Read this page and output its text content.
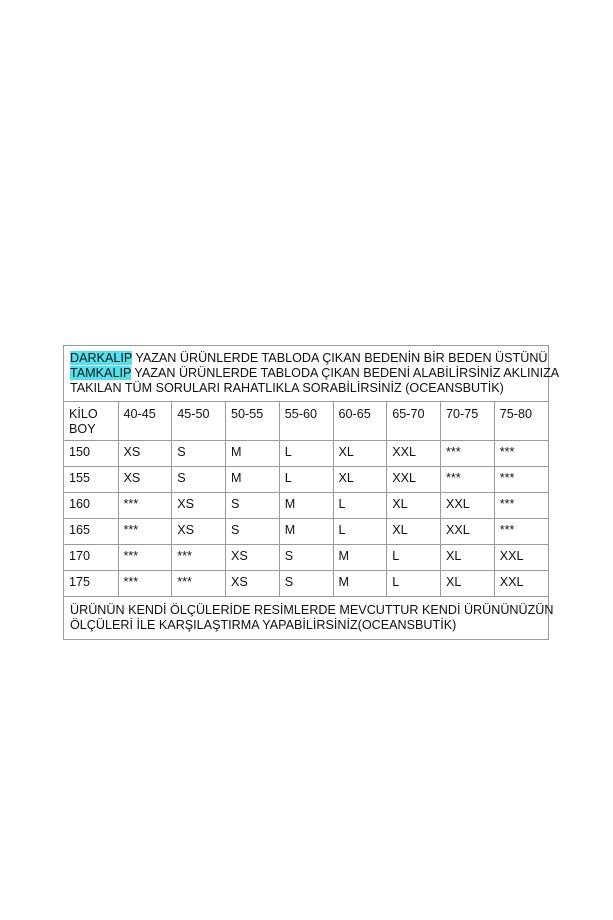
DARKALIP YAZAN ÜRÜNLERDE TABLODA ÇIKAN BEDENİN BİR BEDEN ÜSTÜNÜ
TAMKALIP YAZAN ÜRÜNLERDE TABLODA ÇIKAN BEDENİ ALABİLİRSİNİZ AKLINIZA
TAKILAN TÜM SORULARI RAHATLIKLA SORABİLİRSİNİZ (OCEANSBUTİK)
KİLO
BOY	40-45	45-50	50-55	55-60	60-65	65-70	70-75	75-80
150	XS	S	M	L	XL	XXL	***	***
155	XS	S	M	L	XL	XXL	***	***
160	***	XS	S	M	L	XL	XXL	***
165	***	XS	S	M	L	XL	XXL	***
170	***	***	XS	S	M	L	XL	XXL
175	***	***	XS	S	M	L	XL	XXL
ÜRÜNÜN KENDİ ÖLÇÜLERİDE RESİMLERDE MEVCUTTUR KENDİ ÜRÜNÜNÜZÜN
ÖLÇÜLERİ İLE KARŞILAŞTIRMA YAPABİLİRSİNİZ(OCEANSBUTİK)
